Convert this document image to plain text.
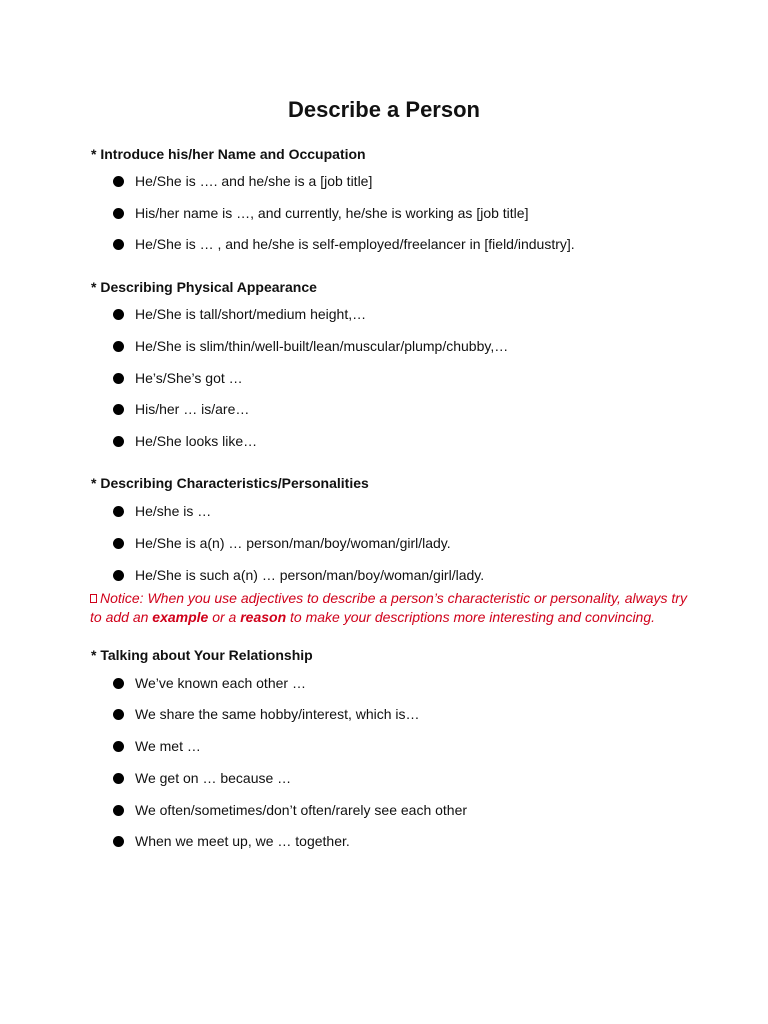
Describe a Person
* Introduce his/her Name and Occupation
He/She is …. and he/she is a [job title]
His/her name is …, and currently, he/she is working as [job title]
He/She is … , and he/she is self-employed/freelancer in [field/industry].
* Describing Physical Appearance
He/She is tall/short/medium height,…
He/She is slim/thin/well-built/lean/muscular/plump/chubby,…
He’s/She’s got …
His/her … is/are…
He/She looks like…
* Describing Characteristics/Personalities
He/she is …
He/She is a(n) … person/man/boy/woman/girl/lady.
He/She is such a(n) … person/man/boy/woman/girl/lady.
Notice: When you use adjectives to describe a person’s characteristic or personality, always try to add an example or a reason to make your descriptions more interesting and convincing.
* Talking about Your Relationship
We’ve known each other …
We share the same hobby/interest, which is…
We met …
We get on … because …
We often/sometimes/don’t often/rarely see each other
When we meet up, we … together.
